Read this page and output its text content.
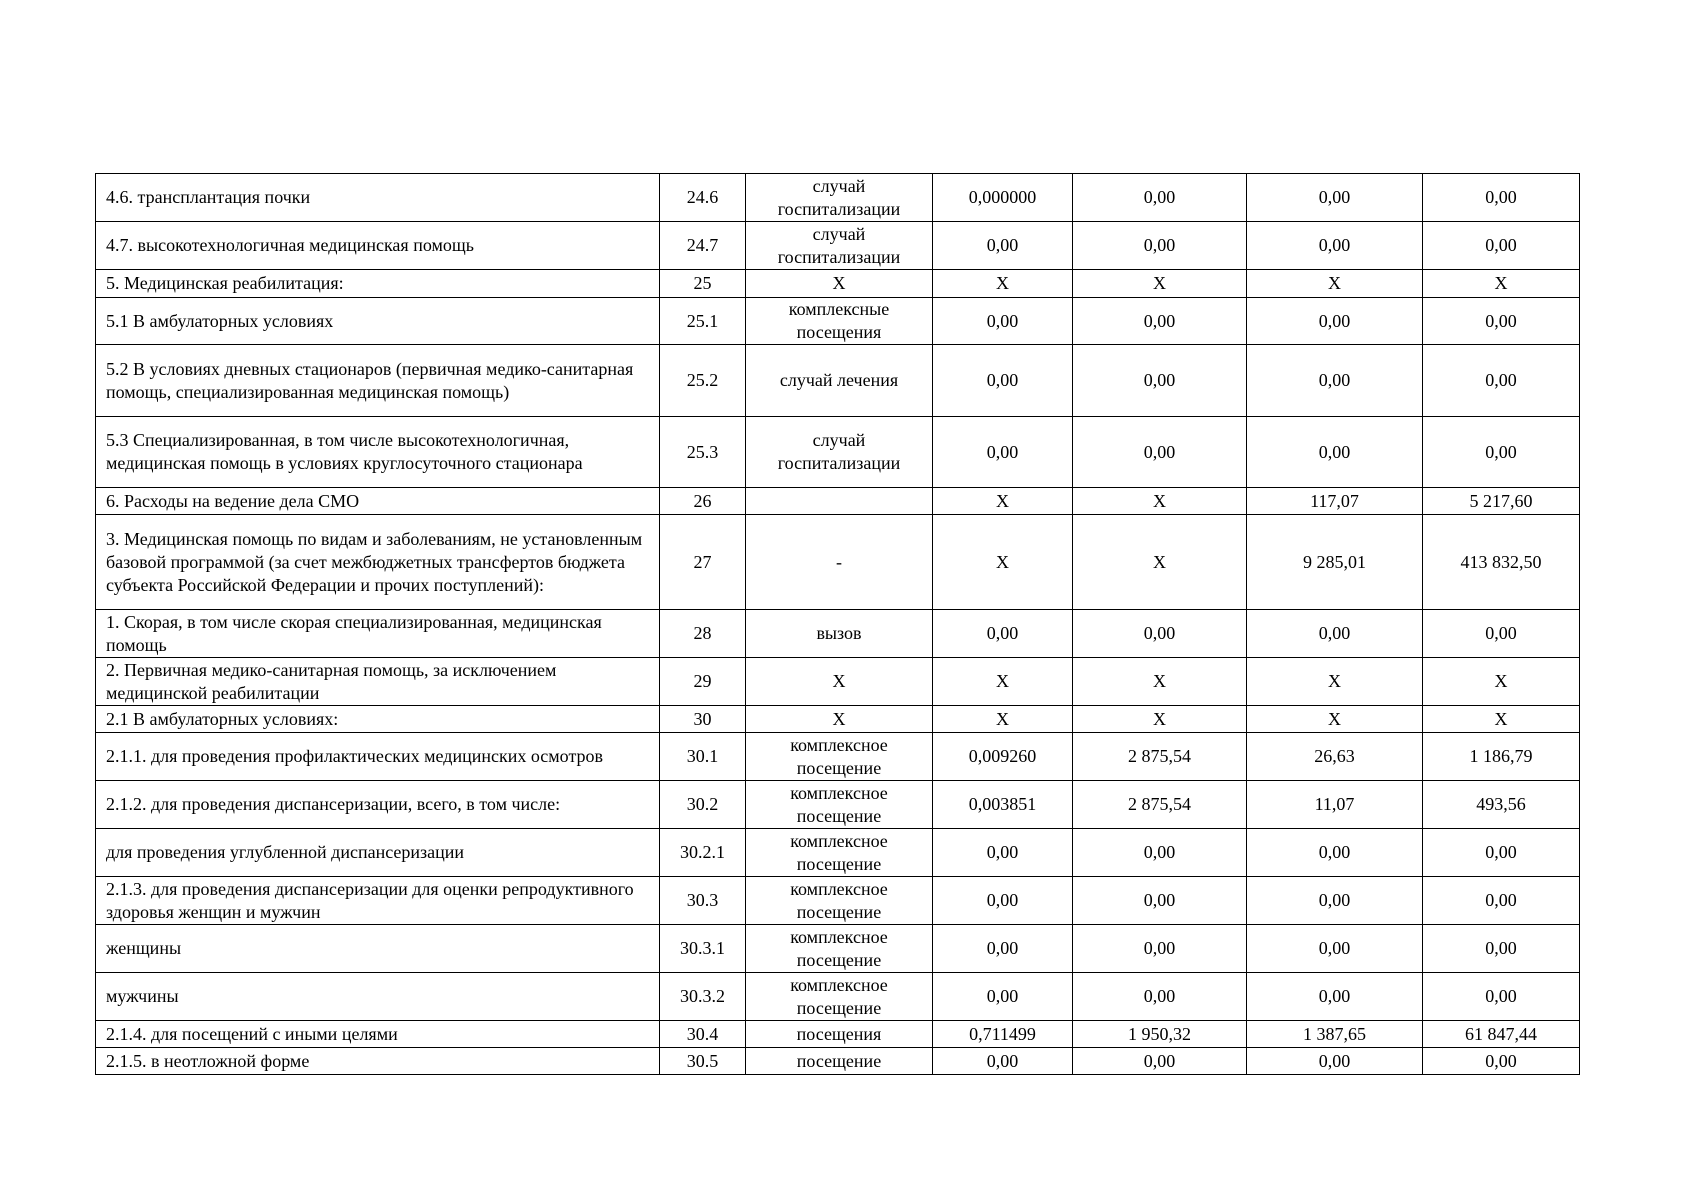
4.6. трансплантация почки	24.6	случай госпитализации	0,000000	0,00	0,00	0,00
4.7. высокотехнологичная медицинская помощь	24.7	случай госпитализации	0,00	0,00	0,00	0,00
5. Медицинская реабилитация:	25	Х	Х	Х	Х	Х
5.1 В амбулаторных условиях	25.1	комплексные посещения	0,00	0,00	0,00	0,00
5.2 В условиях дневных стационаров (первичная медико-санитарная помощь, специализированная медицинская помощь)	25.2	случай лечения	0,00	0,00	0,00	0,00
5.3 Специализированная, в том числе высокотехнологичная, медицинская помощь в условиях круглосуточного стационара	25.3	случай госпитализации	0,00	0,00	0,00	0,00
6. Расходы на ведение дела СМО	26		Х	Х	117,07	5 217,60
3. Медицинская помощь по видам и заболеваниям, не установленным базовой программой (за счет межбюджетных трансфертов бюджета субъекта Российской Федерации и прочих поступлений):	27	-	Х	Х	9 285,01	413 832,50
1. Скорая, в том числе скорая специализированная, медицинская помощь	28	вызов	0,00	0,00	0,00	0,00
2. Первичная медико-санитарная помощь, за исключением медицинской реабилитации	29	Х	Х	Х	Х	Х
2.1 В амбулаторных условиях:	30	Х	Х	Х	Х	Х
2.1.1. для проведения профилактических медицинских осмотров	30.1	комплексное посещение	0,009260	2 875,54	26,63	1 186,79
2.1.2. для проведения диспансеризации, всего, в том числе:	30.2	комплексное посещение	0,003851	2 875,54	11,07	493,56
для проведения углубленной диспансеризации	30.2.1	комплексное посещение	0,00	0,00	0,00	0,00
2.1.3. для проведения диспансеризации для оценки репродуктивного здоровья женщин и мужчин	30.3	комплексное посещение	0,00	0,00	0,00	0,00
женщины	30.3.1	комплексное посещение	0,00	0,00	0,00	0,00
мужчины	30.3.2	комплексное посещение	0,00	0,00	0,00	0,00
2.1.4. для посещений с иными целями	30.4	посещения	0,711499	1 950,32	1 387,65	61 847,44
2.1.5. в неотложной форме	30.5	посещение	0,00	0,00	0,00	0,00
